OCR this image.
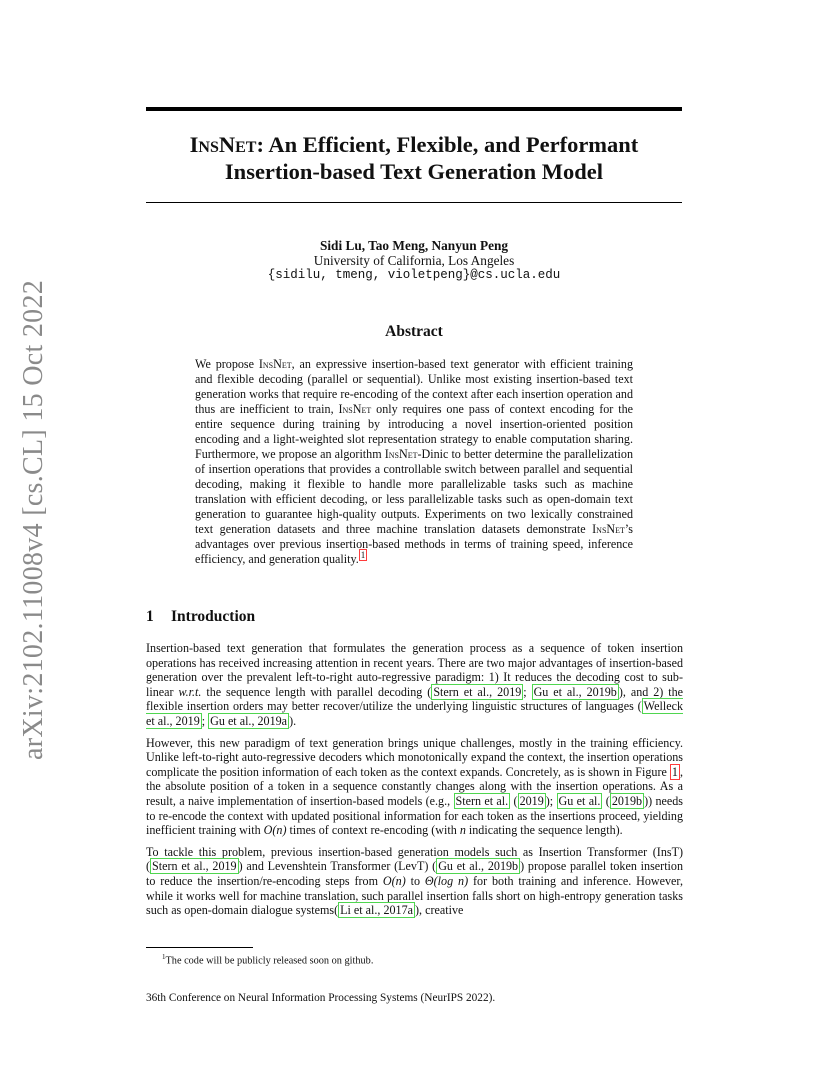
InsNet: An Efficient, Flexible, and Performant
Insertion-based Text Generation Model
Sidi Lu, Tao Meng, Nanyun Peng
University of California, Los Angeles
{sidilu, tmeng, violetpeng}@cs.ucla.edu
arXiv:2102.11008v4 [cs.CL] 15 Oct 2022	Abstract
We propose InsNet, an expressive insertion-based text generator with efficient training and flexible decoding (parallel or sequential). Unlike most existing insertion-based text generation works that require re-encoding of the context after each insertion operation and thus are inefficient to train, InsNet only requires one pass of context encoding for the entire sequence during training by introducing a novel insertion-oriented position encoding and a light-weighted slot representation strategy to enable computation sharing. Furthermore, we propose an algorithm InsNet-Dinic to better determine the parallelization of insertion operations that provides a controllable switch between parallel and sequential decoding, making it flexible to handle more parallelizable tasks such as machine translation with efficient decoding, or less parallelizable tasks such as open-domain text generation to guarantee high-quality outputs. Experiments on two lexically constrained text generation datasets and three machine translation datasets demonstrate InsNet’s advantages over previous insertion-based methods in terms of training speed, inference efficiency, and generation quality. $^1$
1 Introduction

Insertion-based text generation that formulates the generation process as a sequence of token insertion operations has received increasing attention in recent years. There are two major advantages of insertion-based generation over the prevalent left-to-right auto-regressive paradigm: 1) It reduces the decoding cost to sub-linear w.r.t. the sequence length with parallel decoding ( Stern et al., 2019 ; Gu et al., 2019b ), and 2) the flexible insertion orders may better recover/utilize the underlying linguistic structures of languages ( Welleck et al., 2019 ; Gu et al., 2019a ).

However, this new paradigm of text generation brings unique challenges, mostly in the training efficiency. Unlike left-to-right auto-regressive decoders which monotonically expand the context, the insertion operations complicate the position information of each token as the context expands. Concretely, as is shown in Figure 1 , the absolute position of a token in a sequence constantly changes along with the insertion operations. As a result, a naive implementation of insertion-based models (e.g., Stern et al. ( 2019 ); Gu et al. ( 2019b )) needs to re-encode the context with updated positional information for each token as the insertions proceed, yielding inefficient training with O(n) times of context re-encoding (with n indicating the sequence length).

To tackle this problem, previous insertion-based generation models such as Insertion Transformer (InsT) ( Stern et al., 2019 ) and Levenshtein Transformer (LevT) ( Gu et al., 2019b ) propose parallel token insertion to reduce the insertion/re-encoding steps from O(n) to Θ(log n) for both training and inference. However, while it works well for machine translation, such parallel insertion falls short on high-entropy generation tasks such as open-domain dialogue systems( Li et al., 2017a ), creative

$^1$The code will be publicly released soon on github.
36th Conference on Neural Information Processing Systems (NeurIPS 2022).
